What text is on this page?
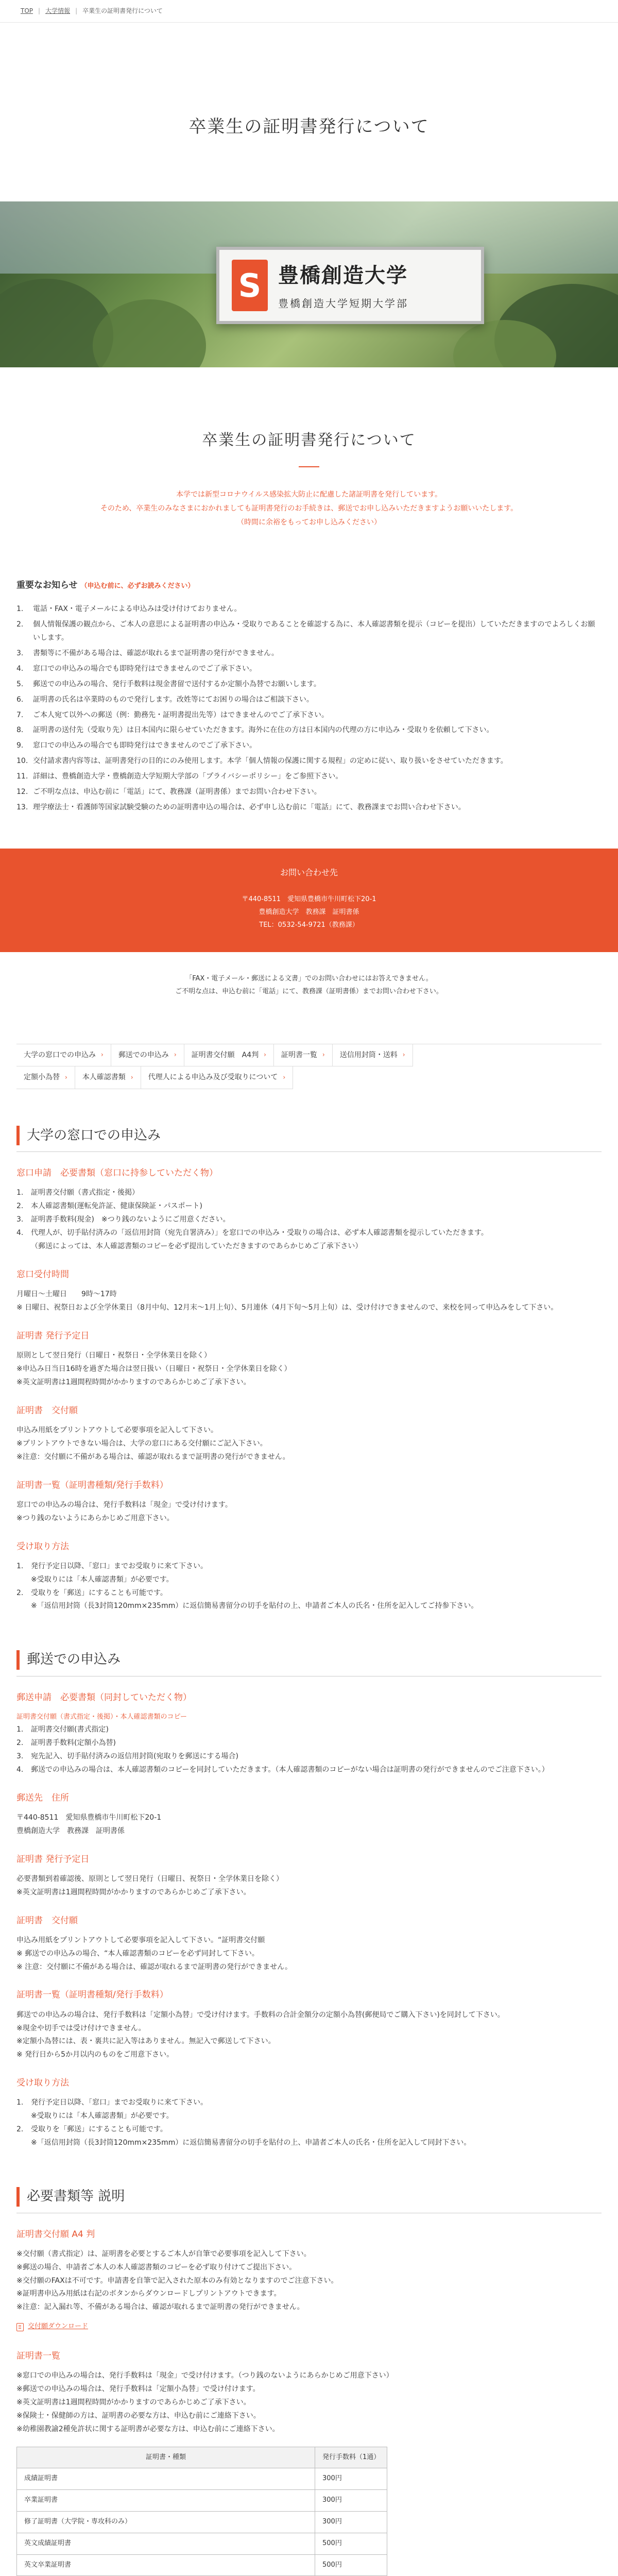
TOP | 大学情報 | 卒業生の証明書発行について
卒業生の証明書発行について
S 豊橋創造大学
豊橋創造大学短期大学部
卒業生の証明書発行について

本学では新型コロナウイルス感染拡大防止に配慮した諸証明書を発行しています。

そのため、卒業生のみなさまにおかれましても証明書発行のお手続きは、郵送でお申し込みいただきますようお願いいたします。

（時間に余裕をもってお申し込みください）

重要なお知らせ （申込む前に、必ずお読みください）
1.	電話・FAX・電子メールによる申込みは受け付けておりません。
2.	個人情報保護の観点から、ご本人の意思による証明書の申込み・受取りであることを確認する為に、本人確認書類を提示（コピーを提出）していただきますのでよろしくお願いします。
3.	書類等に不備がある場合は、確認が取れるまで証明書の発行ができません。
4.	窓口での申込みの場合でも即時発行はできませんのでご了承下さい。
5.	郵送での申込みの場合、発行手数料は現金書留で送付するか定額小為替でお願いします。
6.	証明書の氏名は卒業時のもので発行します。改姓等にてお困りの場合はご相談下さい。
7.	ご本人宛て以外への郵送（例：勤務先・証明書提出先等）はできませんのでご了承下さい。
8.	証明書の送付先（受取り先）は日本国内に限らせていただきます。海外に在住の方は日本国内の代理の方に申込み・受取りを依頼して下さい。
9.	窓口での申込みの場合でも即時発行はできませんのでご了承下さい。
10. 交付請求書内容等は、証明書発行の目的にのみ使用します。本学「個人情報の保護に関する規程」の定めに従い、取り扱いをさせていただきます。
11. 詳細は、豊橋創造大学・豊橋創造大学短期大学部の「プライバシーポリシー」をご参照下さい。
12. ご不明な点は、申込む前に「電話」にて、教務課（証明書係）までお問い合わせ下さい。
13. 理学療法士・看護師等国家試験受験のための証明書申込の場合は、必ず申し込む前に「電話」にて、教務課までお問い合わせ下さい。
お問い合わせ先
〒440-8511　愛知県豊橋市牛川町松下20-1
豊橋創造大学　教務課　証明書係
TEL：0532-54-9721（教務課）

「FAX・電子メール・郵送による文書」でのお問い合わせにはお答えできません。

ご不明な点は、申込む前に「電話」にて、教務課（証明書係）までお問い合わせ下さい。

大学の窓口での申込み › 郵送での申込み › 証明書交付願　A4判 › 証明書一覧 › 送信用封筒・送料 ›
定額小為替 › 本人確認書類 › 代理人による申込み及び受取りについて ›
大学の窓口での申込み
窓口申請　必要書類（窓口に持参していただく物）
1.	証明書交付願（書式指定・後掲）
2.	本人確認書類(運転免許証、健康保険証・パスポート)
3.	証明書手数料(現金)　※つり銭のないようにご用意ください。
4.	代理人が、切手貼付済みの「返信用封筒（宛先自署済み）」を窓口での申込み・受取りの場合は、必ず本人確認書類を提示していただきます。

（郵送によっては、本人確認書類のコピーを必ず提出していただきますのであらかじめご了承下さい）

窓口受付時間

月曜日～土曜日　　9時～17時

※ 日曜日、祝祭日および全学休業日（8月中旬、12月末～1月上旬）、5月連休（4月下旬～5月上旬）は、受け付けできませんので、来校を同って申込みをして下さい。

証明書 発行予定日

原則として翌日発行（日曜日・祝祭日・全学休業日を除く）

※申込み日当日16時を過ぎた場合は翌日扱い（日曜日・祝祭日・全学休業日を除く）

※英文証明書は1週間程時間がかかりますのであらかじめご了承下さい。

証明書　交付願

申込み用紙をプリントアウトして必要事項を記入して下さい。

※プリントアウトできない場合は、大学の窓口にある交付願にご記入下さい。

※注意：交付願に不備がある場合は、確認が取れるまで証明書の発行ができません。

証明書一覧（証明書種類/発行手数料）

窓口での申込みの場合は、発行手数料は「現金」で受け付けます。

※つり銭のないようにあらかじめご用意下さい。

受け取り方法
1.	発行予定日以降、「窓口」までお受取りに来て下さい。
※受取りには「本人確認書類」が必要です。
2.	受取りを「郵送」にすることも可能です。
※「返信用封筒（長3封筒120mm×235mm）に返信簡易書留分の切手を貼付の上、申請者ご本人の氏名・住所を記入してご持参下さい。
郵送での申込み
郵送申請　必要書類（同封していただく物）

証明書交付願（書式指定・後掲）・本人確認書類のコピー

1.	証明書交付願(書式指定)
2.	証明書手数料(定額小為替)
3.	宛先記入、切手貼付済みの返信用封筒(宛取りを郵送にする場合)
4.	郵送での申込みの場合は、本人確認書類のコピーを同封していただきます。（本人確認書類のコピーがない場合は証明書の発行ができませんのでご注意下さい。）
郵送先　住所

〒440-8511　愛知県豊橋市牛川町松下20-1

豊橋創造大学　教務課　証明書係

証明書 発行予定日

必要書類到着確認後、原則として翌日発行（日曜日、祝祭日・全学休業日を除く）

※英文証明書は1週間程時間がかかりますのであらかじめご了承下さい。

証明書　交付願

申込み用紙をプリントアウトして必要事項を記入して下さい。“証明書交付願

※ 郵送での申込みの場合、“本人確認書類のコピーを必ず同封して下さい。

※ 注意：交付願に不備がある場合は、確認が取れるまで証明書の発行ができません。

証明書一覧（証明書種類/発行手数料）

郵送での申込みの場合は、発行手数料は「定額小為替」で受け付けます。手数料の合計金額分の定額小為替(郵便局でご購入下さい)を同封して下さい。

※現金や切手では受け付けできません。

※定額小為替には、表・裏共に記入等はありません。無記入で郵送して下さい。

※ 発行日から5か月以内のものをご用意下さい。

受け取り方法
1.	発行予定日以降、「窓口」までお受取りに来て下さい。
※受取りには「本人確認書類」が必要です。
2.	受取りを「郵送」にすることも可能です。
※「返信用封筒（長3封筒120mm×235mm）に返信簡易書留分の切手を貼付の上、申請者ご本人の氏名・住所を記入して同封下さい。
必要書類等 説明
証明書交付願 A4 判

※交付願（書式指定）は、証明書を必要とするご本人が自筆で必要事項を記入して下さい。

※郵送の場合、申請者ご本人の本人確認書類のコピーを必ず取り付けてご提出下さい。

※交付願のFAXは不可です。申請書を自筆で記入された原本のみ有効となりますのでご注意下さい。

※証明書申込み用紙は右記のボタンからダウンロードしプリントアウトできます。

※注意：記入漏れ等、不備がある場合は、確認が取れるまで証明書の発行ができません。

交付願ダウンロード
証明書一覧

※窓口での申込みの場合は、発行手数料は「現金」で受け付けます。（つり銭のないようにあらかじめご用意下さい）

※郵送での申込みの場合は、発行手数料は「定額小為替」で受け付けます。

※英文証明書は1週間程時間がかかりますのであらかじめご了承下さい。

※保険士・保健師の方は、証明書の必要な方は、申込む前にご連絡下さい。

※幼稚園教諭2種免許状に関する証明書が必要な方は、申込む前にご連絡下さい。

証明書・種類	発行手数料（1通）
成績証明書	300円
卒業証明書	300円
修了証明書（大学院・専攻科のみ）	300円
英文成績証明書	500円
英文卒業証明書	500円
